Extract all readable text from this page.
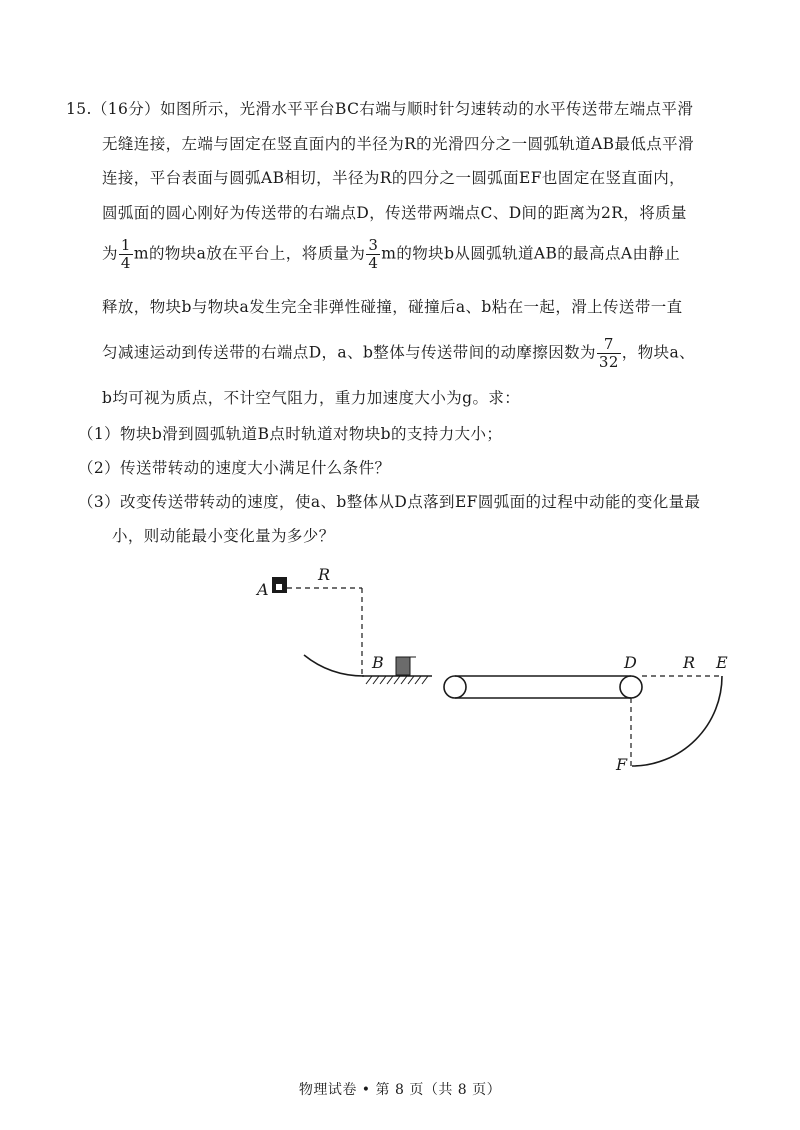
15.（16分）如图所示，光滑水平平台BC右端与顺时针匀速转动的水平传送带左端点平滑
无缝连接，左端与固定在竖直面内的半径为R的光滑四分之一圆弧轨道AB最低点平滑
连接，平台表面与圆弧AB相切，半径为R的四分之一圆弧面EF也固定在竖直面内，
圆弧面的圆心刚好为传送带的右端点D，传送带两端点C、D间的距离为2R，将质量
为 $\frac{1}{4}$ m的物块a放在平台上，将质量为 $\frac{3}{4}$ m的物块b从圆弧轨道AB的最高点A由静止
释放，物块b与物块a发生完全非弹性碰撞，碰撞后a、b粘在一起，滑上传送带一直
匀减速运动到传送带的右端点D，a、b整体与传送带间的动摩擦因数为 $\frac{7}{32}$ ，物块a、
b均可视为质点，不计空气阻力，重力加速度大小为g。求：
（1）物块b滑到圆弧轨道B点时轨道对物块b的支持力大小；
（2）传送带转动的速度大小满足什么条件？
（3）改变传送带转动的速度，使a、b整体从D点落到EF圆弧面的过程中动能的变化量最
小，则动能最小变化量为多少？
A
R
B	D	R E
F
物理试卷 • 第 8 页（共 8 页）
